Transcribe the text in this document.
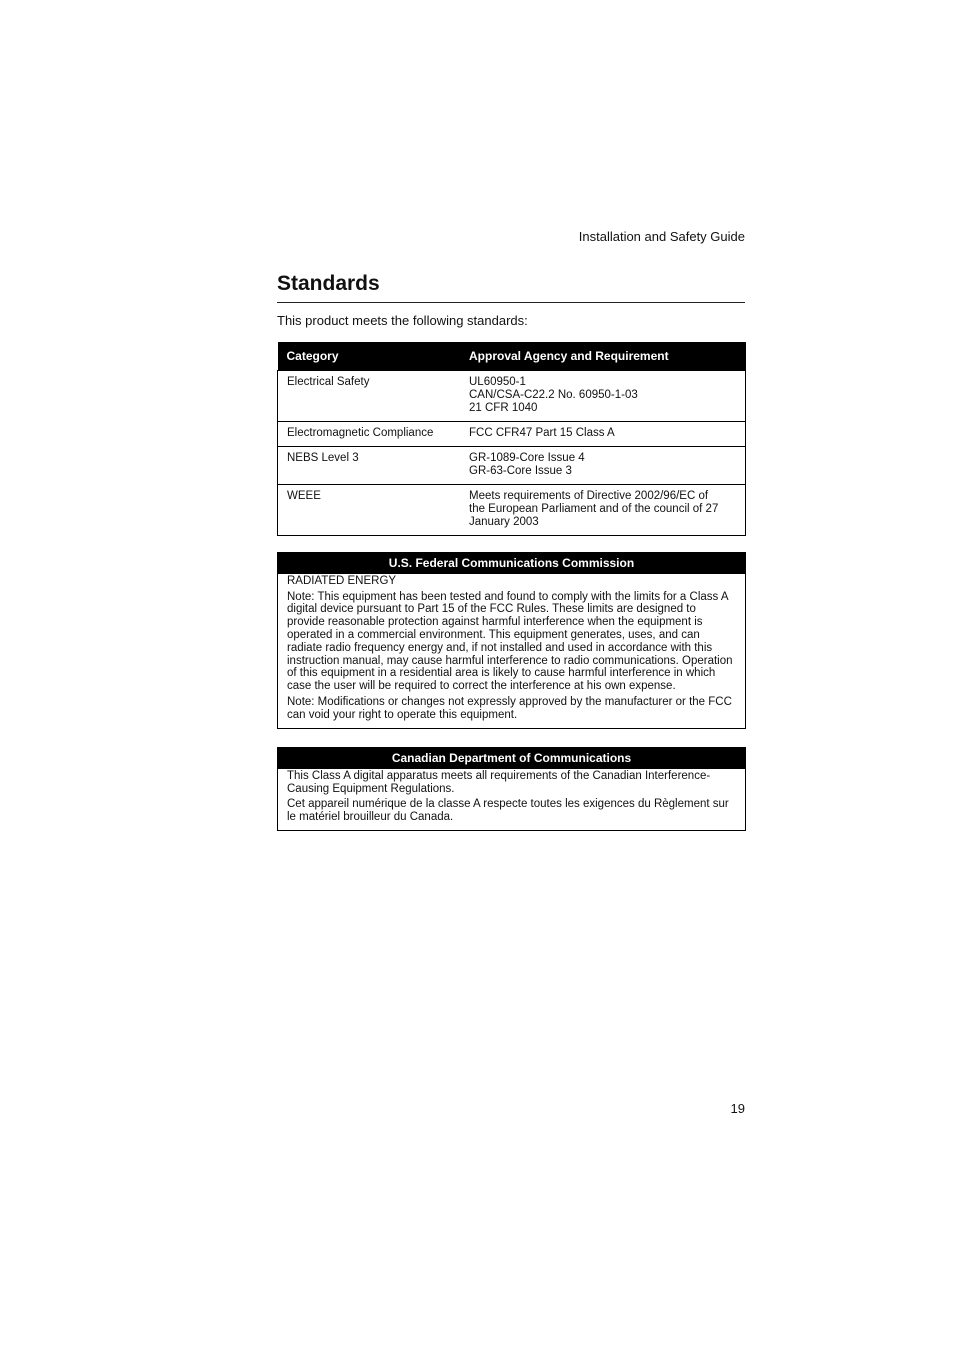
Installation and Safety Guide
Standards

This product meets the following standards:

Category	Approval Agency and Requirement
Electrical Safety	UL60950-1
CAN/CSA-C22.2 No. 60950-1-03
21 CFR 1040

Electromagnetic Compliance	FCC CFR47 Part 15 Class A

NEBS Level 3	GR-1089-Core Issue 4
GR-63-Core Issue 3

WEEE	Meets requirements of Directive 2002/96/EC of
the European Parliament and of the council of 27
January 2003
U.S. Federal Communications Commission

RADIATED ENERGY

Note: This equipment has been tested and found to comply with the limits for a Class A digital device pursuant to Part 15 of the FCC Rules. These limits are designed to provide reasonable protection against harmful interference when the equipment is operated in a commercial environment. This equipment generates, uses, and can radiate radio frequency energy and, if not installed and used in accordance with this instruction manual, may cause harmful interference to radio communications. Operation of this equipment in a residential area is likely to cause harmful interference in which case the user will be required to correct the interference at his own expense.

Note: Modifications or changes not expressly approved by the manufacturer or the FCC can void your right to operate this equipment.

Canadian Department of Communications

This Class A digital apparatus meets all requirements of the Canadian Interference-Causing Equipment Regulations.

Cet appareil numérique de la classe A respecte toutes les exigences du Règlement sur le matériel brouilleur du Canada.

19
